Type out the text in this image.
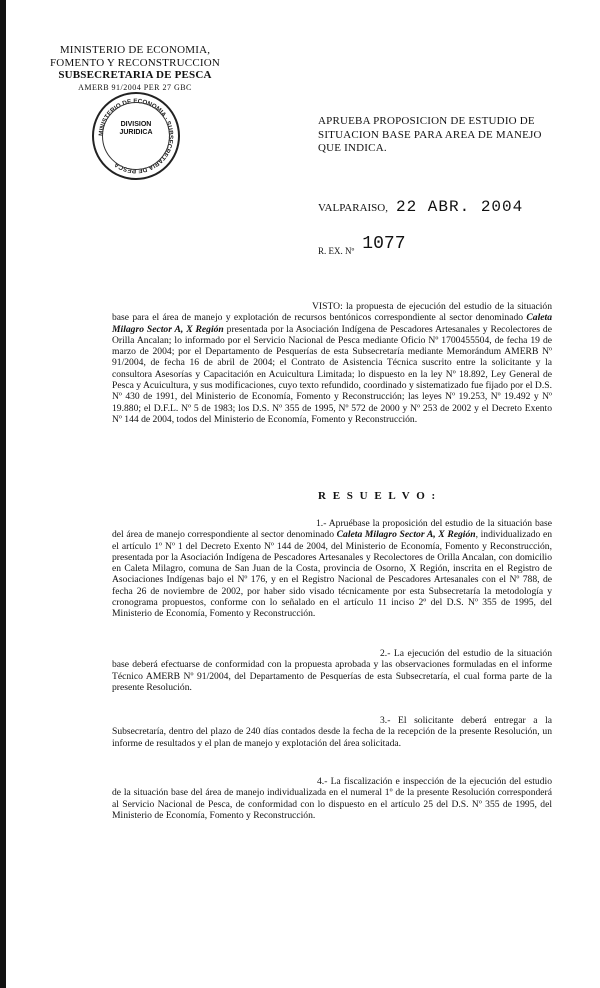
MINISTERIO DE ECONOMIA,
FOMENTO Y RECONSTRUCCION
SUBSECRETARIA DE PESCA
AMERB 91/2004 PER 27 GBC
MINISTERIO DE ECONOMIA · SUBSECRETARIA DE PESCA
DIVISION
JURIDICA
APRUEBA PROPOSICION DE ESTUDIO DE
SITUACION BASE PARA AREA DE MANEJO
QUE INDICA.
VALPARAISO, 22 ABR. 2004
R. EX. Nº 1077
VISTO: la propuesta de ejecución del estudio de la situación base para el área de manejo y explotación de recursos bentónicos correspondiente al sector denominado Caleta Milagro Sector A, X Región presentada por la Asociación Indígena de Pescadores Artesanales y Recolectores de Orilla Ancalan; lo informado por el Servicio Nacional de Pesca mediante Oficio Nº 1700455504, de fecha 19 de marzo de 2004; por el Departamento de Pesquerías de esta Subsecretaría mediante Memorándum AMERB Nº 91/2004, de fecha 16 de abril de 2004; el Contrato de Asistencia Técnica suscrito entre la solicitante y la consultora Asesorías y Capacitación en Acuicultura Limitada; lo dispuesto en la ley Nº 18.892, Ley General de Pesca y Acuicultura, y sus modificaciones, cuyo texto refundido, coordinado y sistematizado fue fijado por el D.S. Nº 430 de 1991, del Ministerio de Economía, Fomento y Reconstrucción; las leyes Nº 19.253, Nº 19.492 y Nº 19.880; el D.F.L. Nº 5 de 1983; los D.S. Nº 355 de 1995, Nº 572 de 2000 y Nº 253 de 2002 y el Decreto Exento Nº 144 de 2004, todos del Ministerio de Economía, Fomento y Reconstrucción.
R E S U E L V O :
1.- Apruébase la proposición del estudio de la situación base del área de manejo correspondiente al sector denominado Caleta Milagro Sector A, X Región, individualizado en el artículo 1º Nº 1 del Decreto Exento Nº 144 de 2004, del Ministerio de Economía, Fomento y Reconstrucción, presentada por la Asociación Indígena de Pescadores Artesanales y Recolectores de Orilla Ancalan, con domicilio en Caleta Milagro, comuna de San Juan de la Costa, provincia de Osorno, X Región, inscrita en el Registro de Asociaciones Indígenas bajo el Nº 176, y en el Registro Nacional de Pescadores Artesanales con el Nº 788, de fecha 26 de noviembre de 2002, por haber sido visado técnicamente por esta Subsecretaría la metodología y cronograma propuestos, conforme con lo señalado en el artículo 11 inciso 2º del D.S. Nº 355 de 1995, del Ministerio de Economía, Fomento y Reconstrucción.
2.- La ejecución del estudio de la situación base deberá efectuarse de conformidad con la propuesta aprobada y las observaciones formuladas en el informe Técnico AMERB Nº 91/2004, del Departamento de Pesquerías de esta Subsecretaría, el cual forma parte de la presente Resolución.
3.- El solicitante deberá entregar a la Subsecretaría, dentro del plazo de 240 días contados desde la fecha de la recepción de la presente Resolución, un informe de resultados y el plan de manejo y explotación del área solicitada.
4.- La fiscalización e inspección de la ejecución del estudio de la situación base del área de manejo individualizada en el numeral 1º de la presente Resolución corresponderá al Servicio Nacional de Pesca, de conformidad con lo dispuesto en el artículo 25 del D.S. Nº 355 de 1995, del Ministerio de Economía, Fomento y Reconstrucción.
